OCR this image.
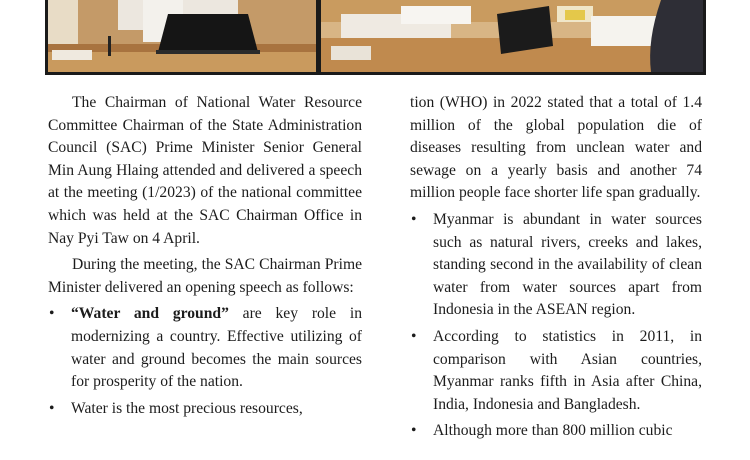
The Chairman of National Water Resource Committee Chairman of the State Administration Council (SAC) Prime Minister Senior General Min Aung Hlaing attended and delivered a speech at the meeting (1/2023) of the national committee which was held at the SAC Chairman Office in Nay Pyi Taw on 4 April.

During the meeting, the SAC Chairman Prime Minister delivered an opening speech as follows:

• “Water and ground” are key role in modernizing a country. Effective utilizing of water and ground becomes the main sources for prosperity of the nation.

• Water is the most precious resources,

tion (WHO) in 2022 stated that a total of 1.4 million of the global population die of diseases resulting from unclean water and sewage on a yearly basis and another 74 million people face shorter life span gradually.

• Myanmar is abundant in water sources such as natural rivers, creeks and lakes, standing second in the availability of clean water from water sources apart from Indonesia in the ASEAN region.

• According to statistics in 2011, in comparison with Asian countries, Myanmar ranks fifth in Asia after China, India, Indonesia and Bangladesh.

• Although more than 800 million cubic
